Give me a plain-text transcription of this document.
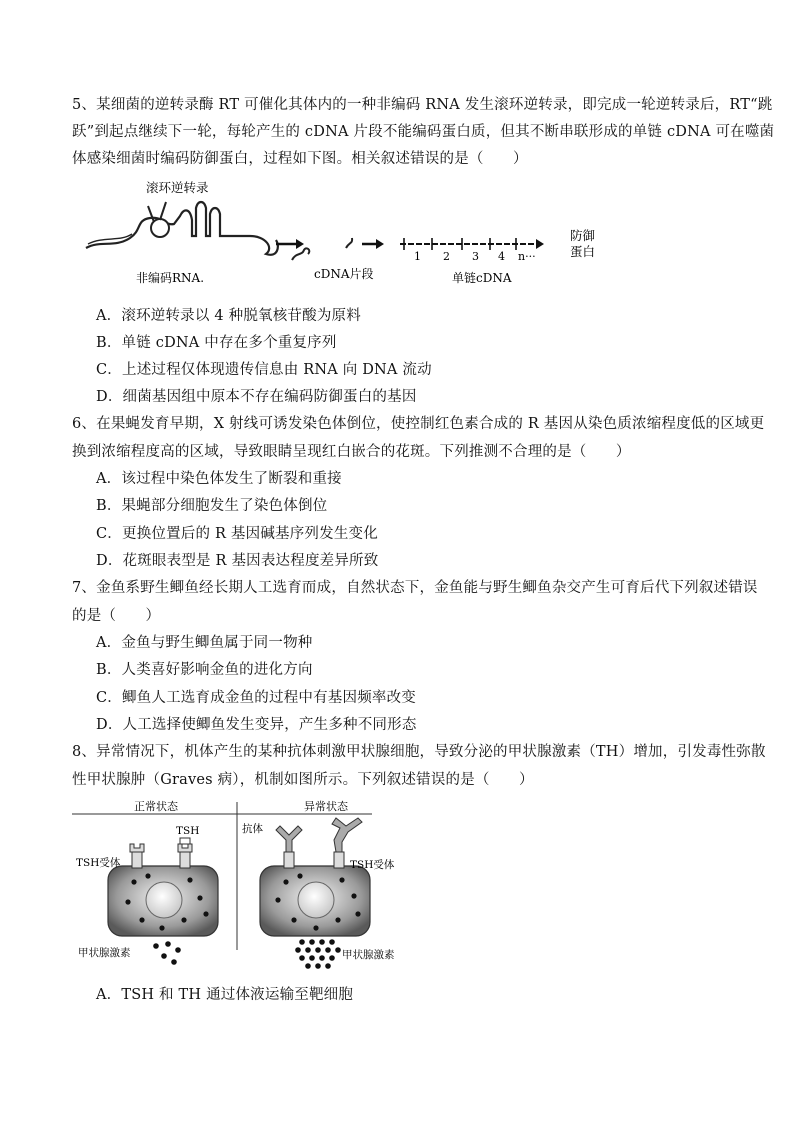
5、某细菌的逆转录酶 RT 可催化其体内的一种非编码 RNA 发生滚环逆转录，即完成一轮逆转录后，RT“跳
跃”到起点继续下一轮，每轮产生的 cDNA 片段不能编码蛋白质，但其不断串联形成的单链 cDNA 可在噬菌
体感染细菌时编码防御蛋白，过程如下图。相关叙述错误的是（　　）
滚环逆转录
1 2 3 4 n···
防御
蛋白
非编码RNA.	cDNA片段	单链cDNA
A．滚环逆转录以 4 种脱氧核苷酸为原料
B．单链 cDNA 中存在多个重复序列
C．上述过程仅体现遗传信息由 RNA 向 DNA 流动
D．细菌基因组中原本不存在编码防御蛋白的基因
6、在果蝇发育早期，X 射线可诱发染色体倒位，使控制红色素合成的 R 基因从染色质浓缩程度低的区域更
换到浓缩程度高的区域，导致眼睛呈现红白嵌合的花斑。下列推测不合理的是（　　）
A．该过程中染色体发生了断裂和重接
B．果蝇部分细胞发生了染色体倒位
C．更换位置后的 R 基因碱基序列发生变化
D．花斑眼表型是 R 基因表达程度差异所致
7、金鱼系野生鲫鱼经长期人工选育而成，自然状态下，金鱼能与野生鲫鱼杂交产生可育后代下列叙述错误
的是（　　）
A．金鱼与野生鲫鱼属于同一物种
B．人类喜好影响金鱼的进化方向
C．鲫鱼人工选育成金鱼的过程中有基因频率改变
D．人工选择使鲫鱼发生变异，产生多种不同形态
8、异常情况下，机体产生的某种抗体刺激甲状腺细胞，导致分泌的甲状腺激素（TH）增加，引发毒性弥散
性甲状腺肿（Graves 病），机制如图所示。下列叙述错误的是（　　）
正常状态	异常状态
TSH
TSH受体
甲状腺激素
抗体
TSH受体
甲状腺激素
A．TSH 和 TH 通过体液运输至靶细胞
